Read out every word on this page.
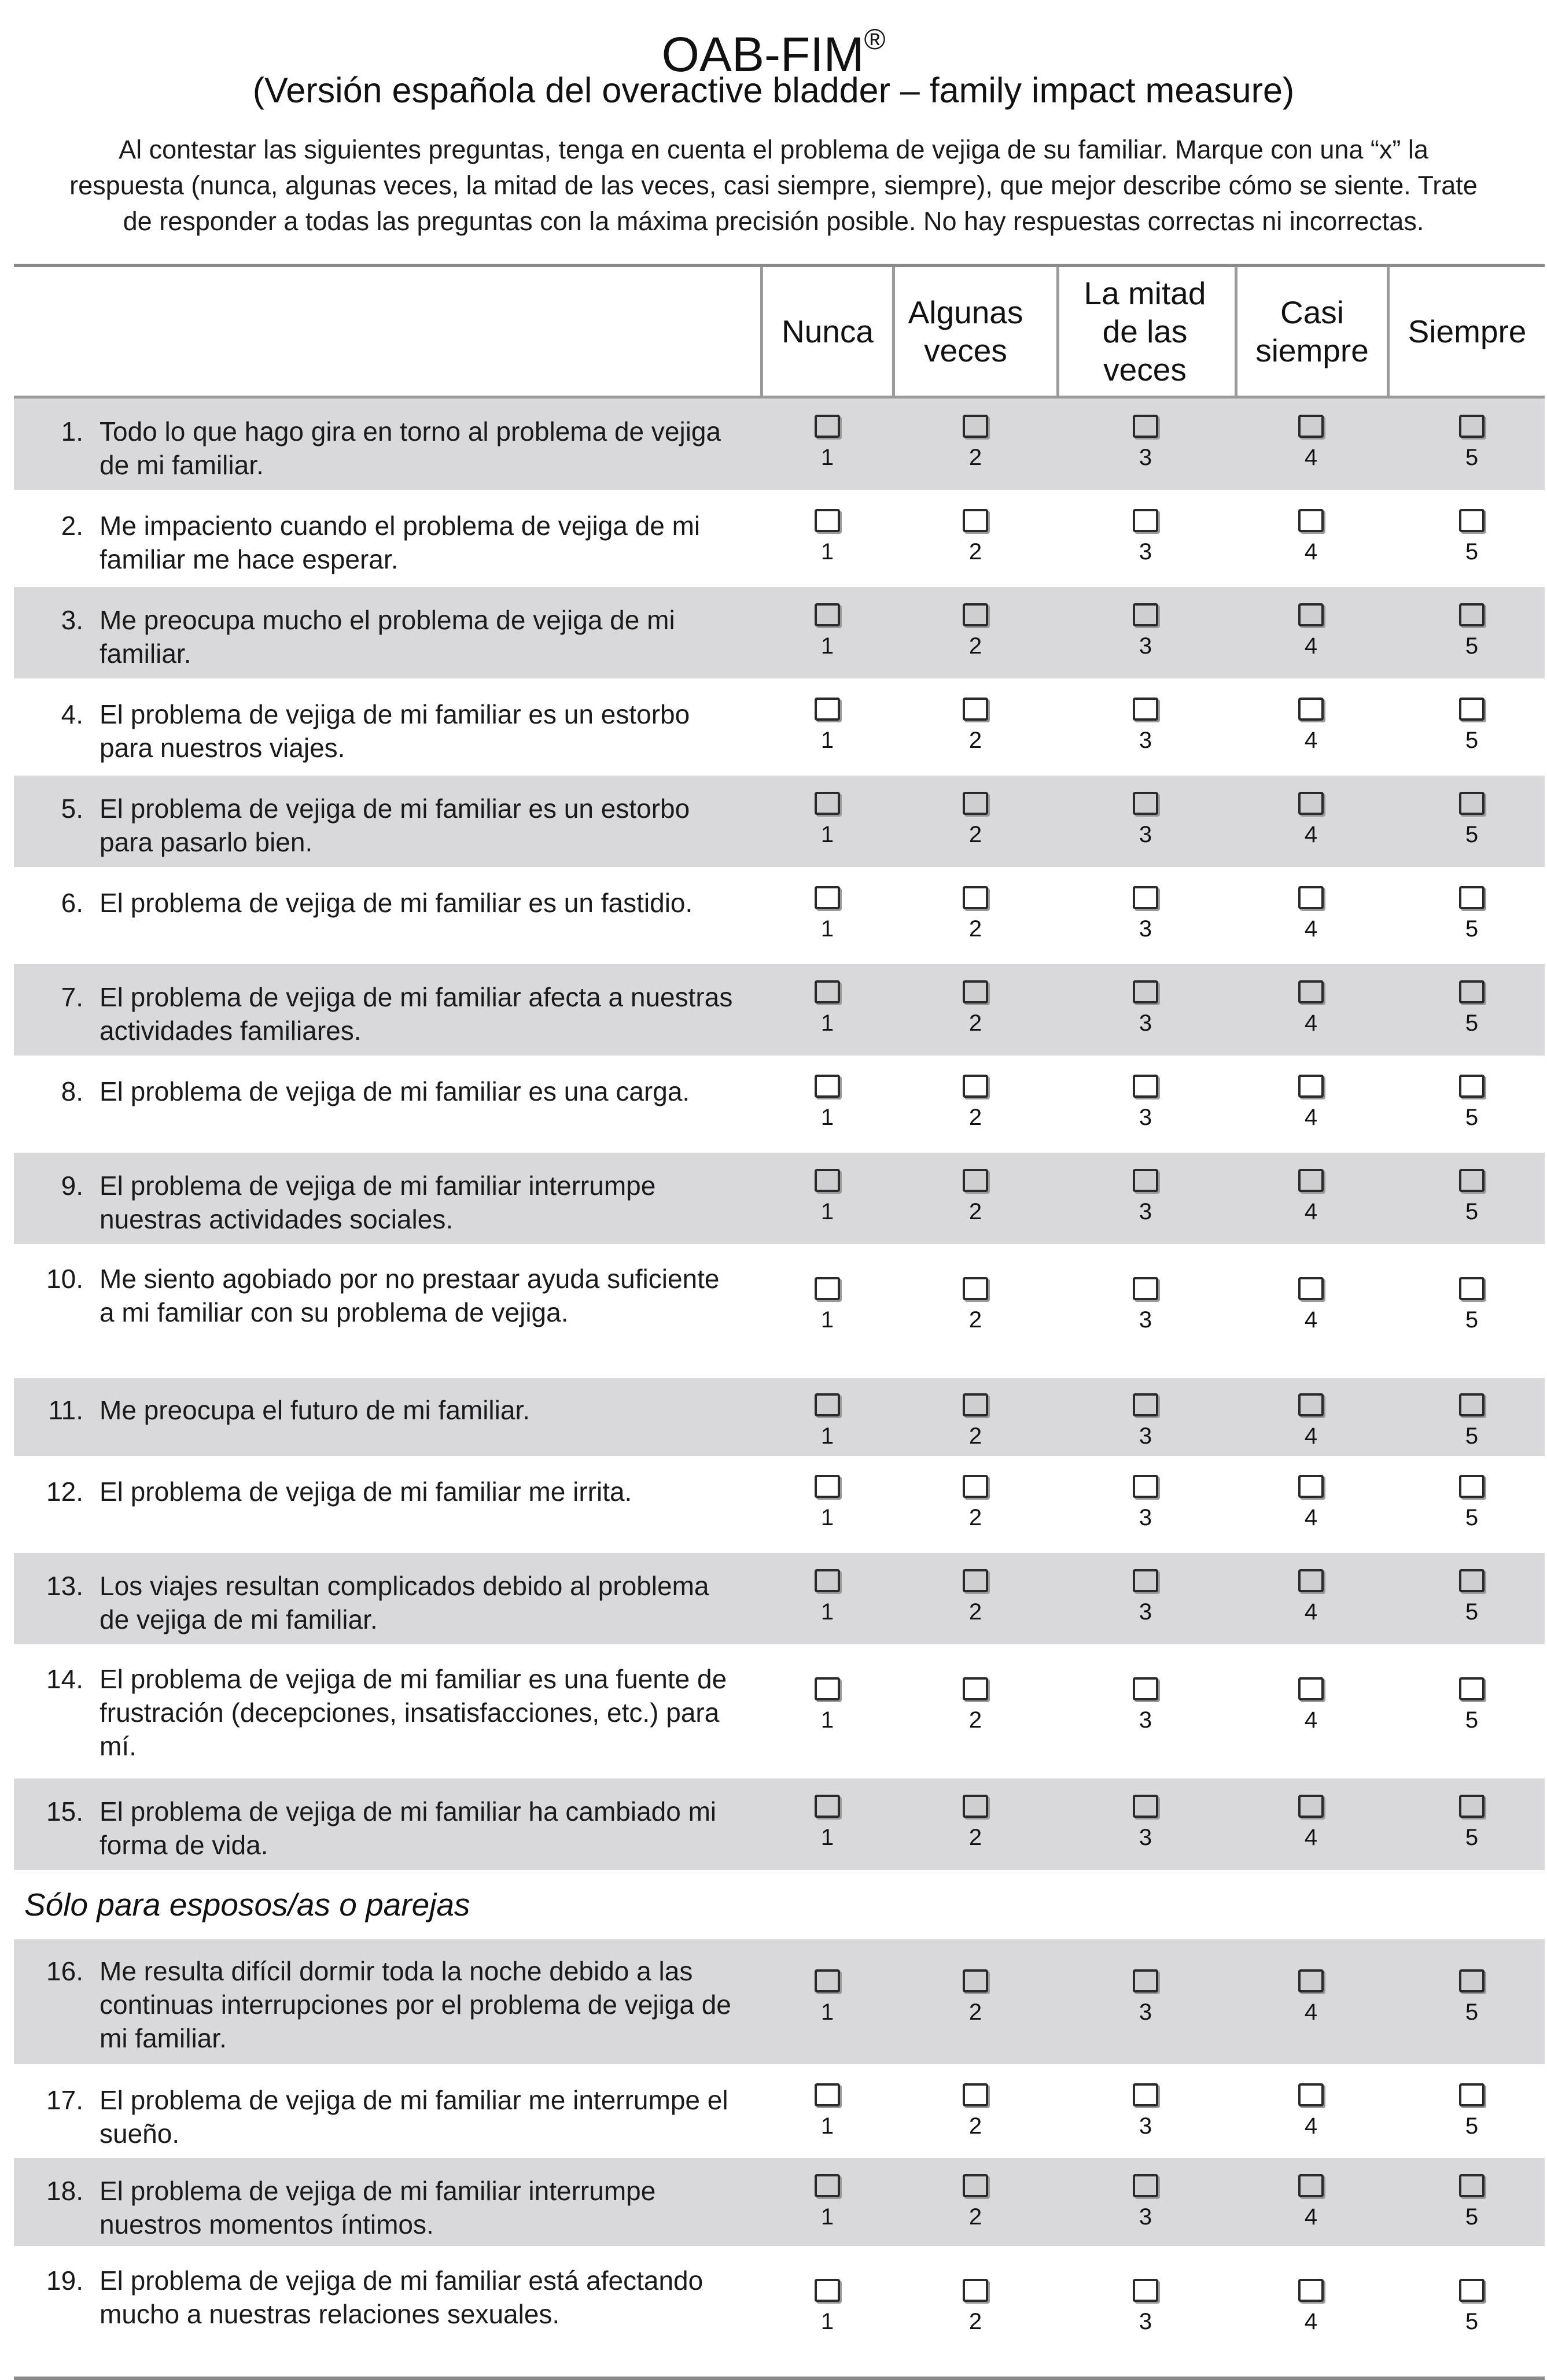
OAB-FIM®
(Versión española del overactive bladder – family impact measure)
Al contestar las siguientes preguntas, tenga en cuenta el problema de vejiga de su familiar. Marque con una “x” la
respuesta (nunca, algunas veces, la mitad de las veces, casi siempre, siempre), que mejor describe cómo se siente. Trate
de responder a todas las preguntas con la máxima precisión posible. No hay respuestas correctas ni incorrectas.
Nunca
Algunas veces
La mitad de las veces
Casi siempre
Siempre
1. Todo lo que hago gira en torno al problema de vejiga de mi familiar.	1	2	3	4	5
2. Me impaciento cuando el problema de vejiga de mi familiar me hace esperar.	1	2	3	4	5
3. Me preocupa mucho el problema de vejiga de mi familiar.	1	2	3	4	5
4. El problema de vejiga de mi familiar es un estorbo para nuestros viajes.	1	2	3	4	5
5. El problema de vejiga de mi familiar es un estorbo para pasarlo bien.	1	2	3	4	5
6. El problema de vejiga de mi familiar es un fastidio.
1	2	3	4	5
7. El problema de vejiga de mi familiar afecta a nuestras actividades familiares.	1	2	3	4	5
8. El problema de vejiga de mi familiar es una carga.
1	2	3	4	5
9. El problema de vejiga de mi familiar interrumpe nuestras actividades sociales.	1	2	3	4	5
10. Me siento agobiado por no prestaar ayuda suficiente a mi familiar con su problema de vejiga.	1	2	3	4	5
11. Me preocupa el futuro de mi familiar.
1	2	3	4	5
12. El problema de vejiga de mi familiar me irrita.
1	2	3	4	5
13. Los viajes resultan complicados debido al problema de vejiga de mi familiar.	1	2	3	4	5
14. El problema de vejiga de mi familiar es una fuente de frustración (decepciones, insatisfacciones, etc.) para mí.
1	2	3	4	5
15. El problema de vejiga de mi familiar ha cambiado mi forma de vida.	1	2	3	4	5
Sólo para esposos/as o parejas
16. Me resulta difícil dormir toda la noche debido a las continuas interrupciones por el problema de vejiga de mi familiar.
1	2	3	4	5
17. El problema de vejiga de mi familiar me interrumpe el sueño.	1	2	3	4	5
18. El problema de vejiga de mi familiar interrumpe nuestros momentos íntimos.	1	2	3	4	5
19. El problema de vejiga de mi familiar está afectando mucho a nuestras relaciones sexuales.	1	2	3	4	5
